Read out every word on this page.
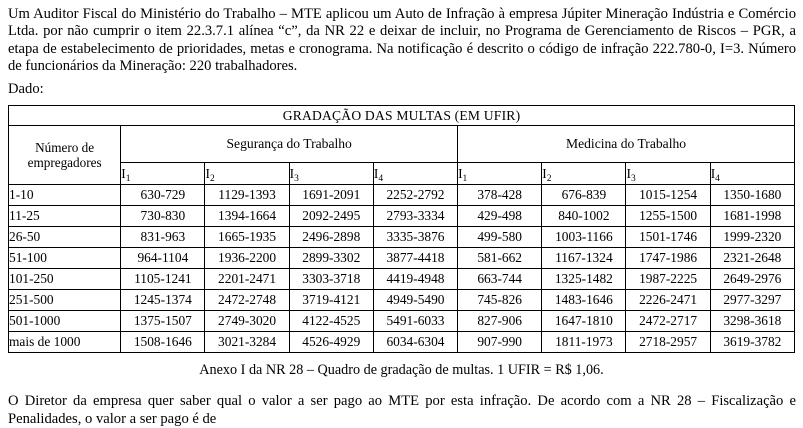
Um Auditor Fiscal do Ministério do Trabalho – MTE aplicou um Auto de Infração à empresa Júpiter Mineração Indústria e Comércio Ltda. por não cumprir o item 22.3.7.1 alínea “c”, da NR 22 e deixar de incluir, no Programa de Gerenciamento de Riscos – PGR, a etapa de estabelecimento de prioridades, metas e cronograma. Na notificação é descrito o código de infração 222.780-0, I=3. Número de funcionários da Mineração: 220 trabalhadores.

Dado:
GRADAÇÃO DAS MULTAS (EM UFIR)								
Número de empregadores	Segurança do Trabalho				Medicina do Trabalho			
	$I_1$	$I_2$	$I_3$	$I_4$	$I_1$	$I_2$	$I_3$	$I_4$
1-10	630-729	1129-1393	1691-2091	2252-2792	378-428	676-839	1015-1254	1350-1680
11-25	730-830	1394-1664	2092-2495	2793-3334	429-498	840-1002	1255-1500	1681-1998
26-50	831-963	1665-1935	2496-2898	3335-3876	499-580	1003-1166	1501-1746	1999-2320
51-100	964-1104	1936-2200	2899-3302	3877-4418	581-662	1167-1324	1747-1986	2321-2648
101-250	1105-1241	2201-2471	3303-3718	4419-4948	663-744	1325-1482	1987-2225	2649-2976
251-500	1245-1374	2472-2748	3719-4121	4949-5490	745-826	1483-1646	2226-2471	2977-3297
501-1000	1375-1507	2749-3020	4122-4525	5491-6033	827-906	1647-1810	2472-2717	3298-3618
mais de 1000	1508-1646	3021-3284	4526-4929	6034-6304	907-990	1811-1973	2718-2957	3619-3782
Anexo I da NR 28 – Quadro de gradação de multas. 1 UFIR = R$ 1,06.

O Diretor da empresa quer saber qual o valor a ser pago ao MTE por esta infração. De acordo com a NR 28 – Fiscalização e Penalidades, o valor a ser pago é de
